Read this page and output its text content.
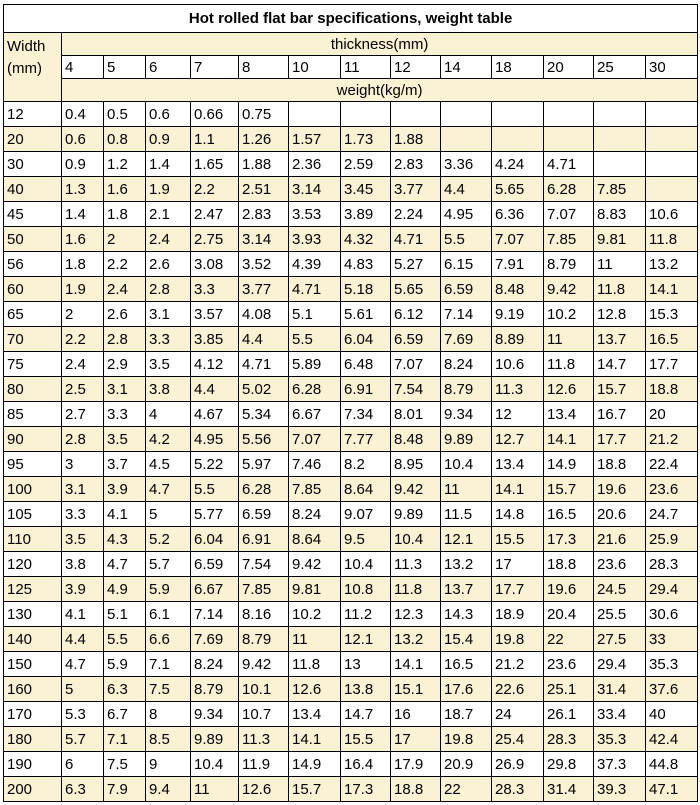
Hot rolled flat bar specifications, weight table													
Width
(mm)	thickness(mm)												
	4	5	6	7	8	10	11	12	14	18	20	25	30
	weight(kg/m)												
12	0.4	0.5	0.6	0.66	0.75								
20	0.6	0.8	0.9	1.1	1.26	1.57	1.73	1.88					
30	0.9	1.2	1.4	1.65	1.88	2.36	2.59	2.83	3.36	4.24	4.71		
40	1.3	1.6	1.9	2.2	2.51	3.14	3.45	3.77	4.4	5.65	6.28	7.85	
45	1.4	1.8	2.1	2.47	2.83	3.53	3.89	2.24	4.95	6.36	7.07	8.83	10.6
50	1.6	2	2.4	2.75	3.14	3.93	4.32	4.71	5.5	7.07	7.85	9.81	11.8
56	1.8	2.2	2.6	3.08	3.52	4.39	4.83	5.27	6.15	7.91	8.79	11	13.2
60	1.9	2.4	2.8	3.3	3.77	4.71	5.18	5.65	6.59	8.48	9.42	11.8	14.1
65	2	2.6	3.1	3.57	4.08	5.1	5.61	6.12	7.14	9.19	10.2	12.8	15.3
70	2.2	2.8	3.3	3.85	4.4	5.5	6.04	6.59	7.69	8.89	11	13.7	16.5
75	2.4	2.9	3.5	4.12	4.71	5.89	6.48	7.07	8.24	10.6	11.8	14.7	17.7
80	2.5	3.1	3.8	4.4	5.02	6.28	6.91	7.54	8.79	11.3	12.6	15.7	18.8
85	2.7	3.3	4	4.67	5.34	6.67	7.34	8.01	9.34	12	13.4	16.7	20
90	2.8	3.5	4.2	4.95	5.56	7.07	7.77	8.48	9.89	12.7	14.1	17.7	21.2
95	3	3.7	4.5	5.22	5.97	7.46	8.2	8.95	10.4	13.4	14.9	18.8	22.4
100	3.1	3.9	4.7	5.5	6.28	7.85	8.64	9.42	11	14.1	15.7	19.6	23.6
105	3.3	4.1	5	5.77	6.59	8.24	9.07	9.89	11.5	14.8	16.5	20.6	24.7
110	3.5	4.3	5.2	6.04	6.91	8.64	9.5	10.4	12.1	15.5	17.3	21.6	25.9
120	3.8	4.7	5.7	6.59	7.54	9.42	10.4	11.3	13.2	17	18.8	23.6	28.3
125	3.9	4.9	5.9	6.67	7.85	9.81	10.8	11.8	13.7	17.7	19.6	24.5	29.4
130	4.1	5.1	6.1	7.14	8.16	10.2	11.2	12.3	14.3	18.9	20.4	25.5	30.6
140	4.4	5.5	6.6	7.69	8.79	11	12.1	13.2	15.4	19.8	22	27.5	33
150	4.7	5.9	7.1	8.24	9.42	11.8	13	14.1	16.5	21.2	23.6	29.4	35.3
160	5	6.3	7.5	8.79	10.1	12.6	13.8	15.1	17.6	22.6	25.1	31.4	37.6
170	5.3	6.7	8	9.34	10.7	13.4	14.7	16	18.7	24	26.1	33.4	40
180	5.7	7.1	8.5	9.89	11.3	14.1	15.5	17	19.8	25.4	28.3	35.3	42.4
190	6	7.5	9	10.4	11.9	14.9	16.4	17.9	20.9	26.9	29.8	37.3	44.8
200	6.3	7.9	9.4	11	12.6	15.7	17.3	18.8	22	28.3	31.4	39.3	47.1
